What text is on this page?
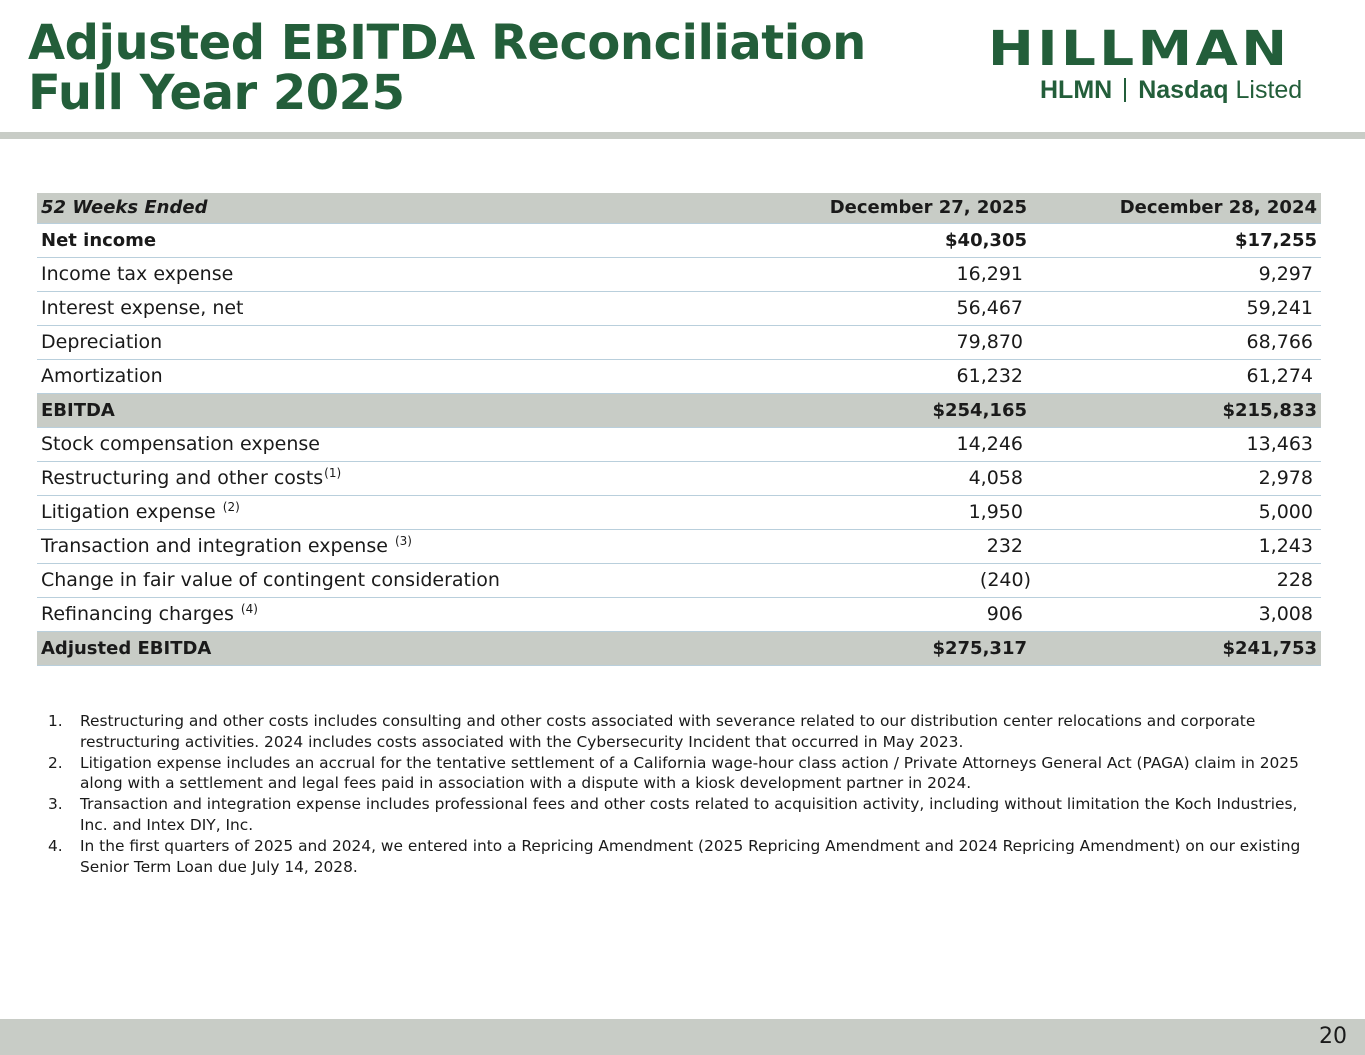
Adjusted EBITDA Reconciliation
Full Year 2025
HILLMAN
HLMN Nasdaq Listed
52 Weeks Ended	December 27, 2025	December 28, 2024
Net income	$40,305	$17,255
Income tax expense	16,291	9,297
Interest expense, net	56,467	59,241
Depreciation	79,870	68,766
Amortization	61,232	61,274
EBITDA	$254,165	$215,833
Stock compensation expense	14,246	13,463
Restructuring and other costs$^{(1)}$	4,058	2,978
Litigation expense $^{(2)}$	1,950	5,000
Transaction and integration expense $^{(3)}$	232	1,243
Change in fair value of contingent consideration	(240)	228
Refinancing charges $^{(4)}$	906	3,008
Adjusted EBITDA	$275,317	$241,753
1. Restructuring and other costs includes consulting and other costs associated with severance related to our distribution center relocations and corporate restructuring activities. 2024 includes costs associated with the Cybersecurity Incident that occurred in May 2023.
2. Litigation expense includes an accrual for the tentative settlement of a California wage-hour class action / Private Attorneys General Act (PAGA) claim in 2025 along with a settlement and legal fees paid in association with a dispute with a kiosk development partner in 2024.
3. Transaction and integration expense includes professional fees and other costs related to acquisition activity, including without limitation the Koch Industries, Inc. and Intex DIY, Inc.
4. In the first quarters of 2025 and 2024, we entered into a Repricing Amendment (2025 Repricing Amendment and 2024 Repricing Amendment) on our existing Senior Term Loan due July 14, 2028.
20
